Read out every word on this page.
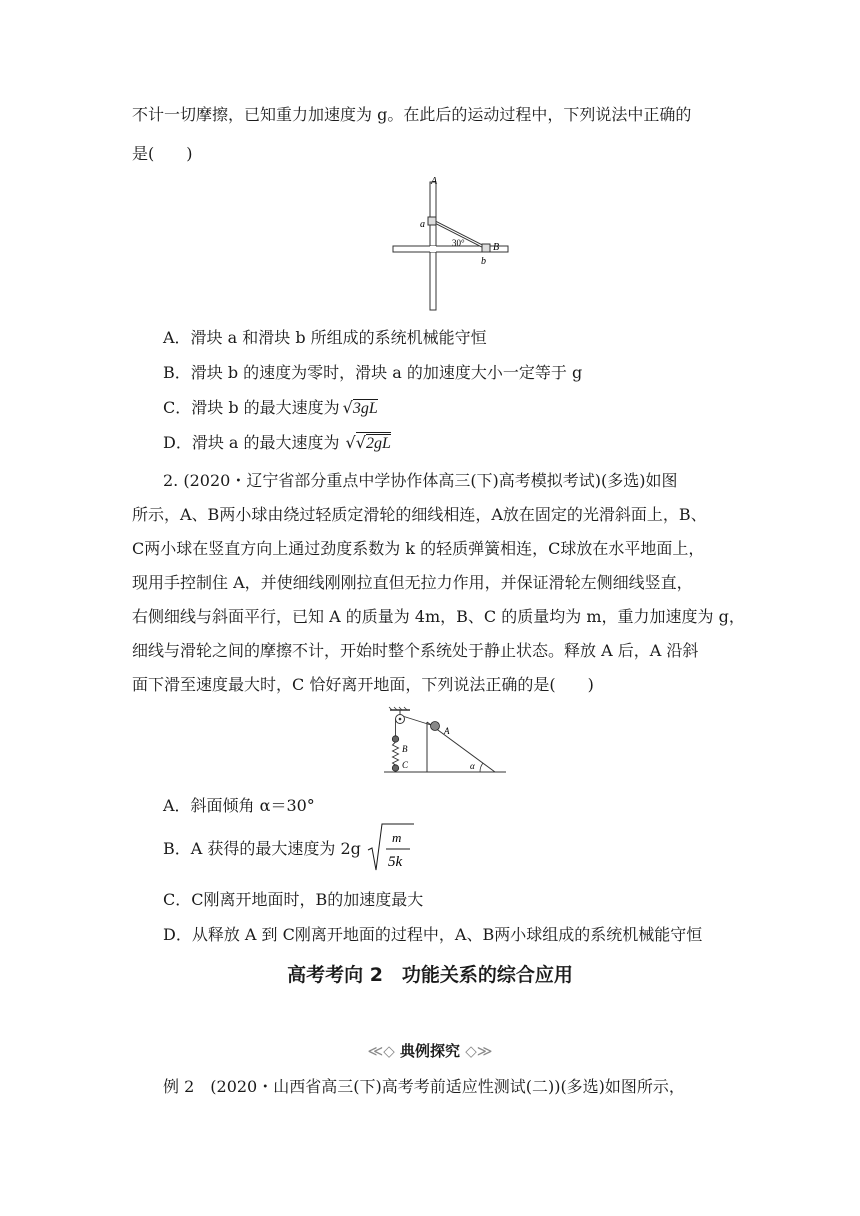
不计一切摩擦，已知重力加速度为 g。在此后的运动过程中，下列说法中正确的
是(　　)
A
a
B
b
30°
A．滑块 a 和滑块 b 所组成的系统机械能守恒
B．滑块 b 的速度为零时，滑块 a 的加速度大小一定等于 g
C．滑块 b 的最大速度为 √3gL
D．滑块 a 的最大速度为 √√2gL
2. (2020・辽宁省部分重点中学协作体高三(下)高考模拟考试)(多选)如图
所示，A、B两小球由绕过轻质定滑轮的细线相连，A放在固定的光滑斜面上，B、
C两小球在竖直方向上通过劲度系数为 k 的轻质弹簧相连，C球放在水平地面上，
现用手控制住 A，并使细线刚刚拉直但无拉力作用，并保证滑轮左侧细线竖直，
右侧细线与斜面平行，已知 A 的质量为 4m，B、C 的质量均为 m，重力加速度为 g，
细线与滑轮之间的摩擦不计，开始时整个系统处于静止状态。释放 A 后，A 沿斜
面下滑至速度最大时，C 恰好离开地面，下列说法正确的是(　　)
A
B
C	α
A．斜面倾角 α＝30°
B．A 获得的最大速度为 2g
m
5k
C．C刚离开地面时，B的加速度最大
D．从释放 A 到 C刚离开地面的过程中，A、B两小球组成的系统机械能守恒
高考考向 2　功能关系的综合应用
≪◇ 典例探究 ◇≫
例 2　(2020・山西省高三(下)高考考前适应性测试(二))(多选)如图所示，
